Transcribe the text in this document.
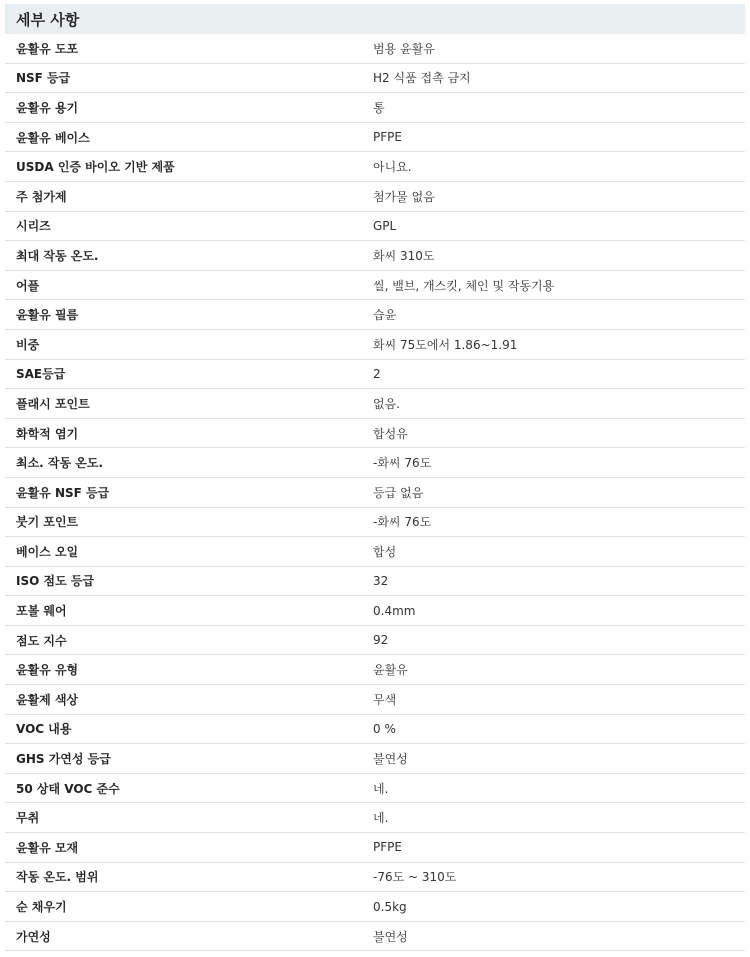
세부 사항
윤활유 도포	범용 윤활유
NSF 등급	H2 식품 접촉 금지
윤활유 용기	통
윤활유 베이스	PFPE
USDA 인증 바이오 기반 제품	아니요.
주 첨가제	첨가물 없음
시리즈	GPL
최대 작동 온도.	화씨 310도
어플	씰, 밸브, 개스킷, 체인 및 작동기용
윤활유 필름	습윤
비중	화씨 75도에서 1.86~1.91
SAE등급	2
플래시 포인트	없음.
화학적 염기	합성유
최소. 작동 온도.	-화씨 76도
윤활유 NSF 등급	등급 없음
붓기 포인트	-화씨 76도
베이스 오일	합성
ISO 점도 등급	32
포볼 웨어	0.4mm
점도 지수	92
윤활유 유형	윤활유
윤활제 색상	무색
VOC 내용	0 %
GHS 가연성 등급	불연성
50 상태 VOC 준수	네.
무취	네.
윤활유 모재	PFPE
작동 온도. 범위	-76도 ~ 310도
순 채우기	0.5kg
가연성	불연성
